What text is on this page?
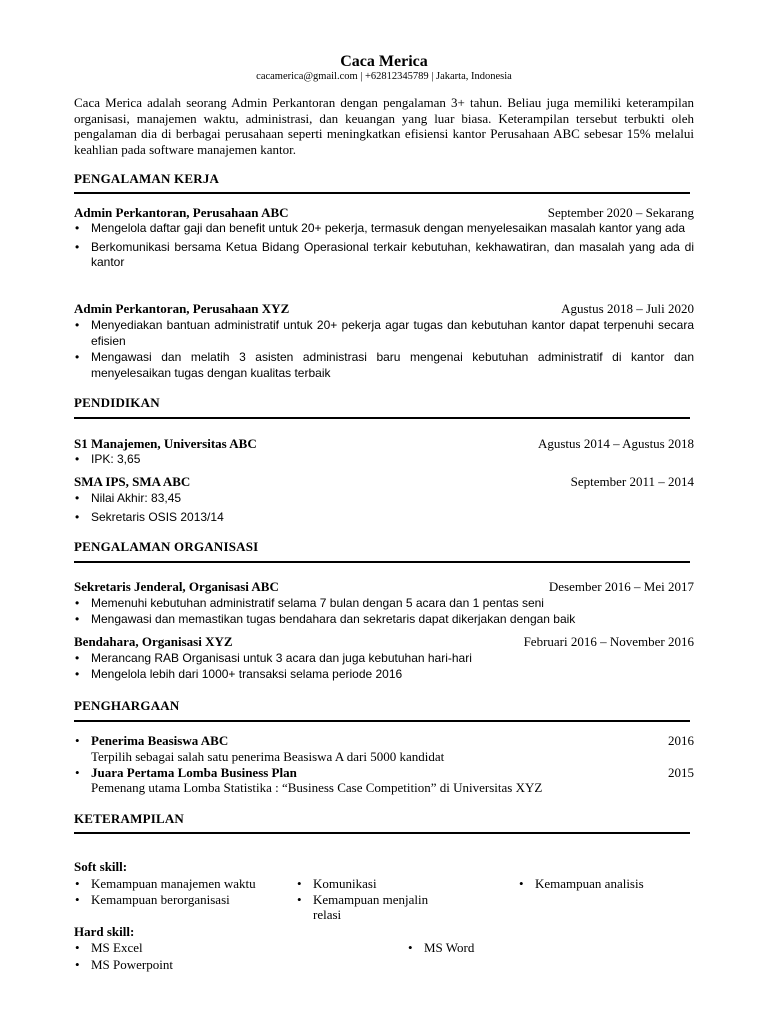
Caca Merica
cacamerica@gmail.com | +62812345789 | Jakarta, Indonesia
Caca Merica adalah seorang Admin Perkantoran dengan pengalaman 3+ tahun. Beliau juga memiliki keterampilan organisasi, manajemen waktu, administrasi, dan keuangan yang luar biasa. Keterampilan tersebut terbukti oleh pengalaman dia di berbagai perusahaan seperti meningkatkan efisiensi kantor Perusahaan ABC sebesar 15% melalui keahlian pada software manajemen kantor.
PENGALAMAN KERJA
Admin Perkantoran, Perusahaan ABC	September 2020 – Sekarang
• Mengelola daftar gaji dan benefit untuk 20+ pekerja, termasuk dengan menyelesaikan masalah kantor yang ada
• Berkomunikasi bersama Ketua Bidang Operasional terkair kebutuhan, kekhawatiran, dan masalah yang ada di kantor
Admin Perkantoran, Perusahaan XYZ	Agustus 2018 – Juli 2020
• Menyediakan bantuan administratif untuk 20+ pekerja agar tugas dan kebutuhan kantor dapat terpenuhi secara efisien
• Mengawasi dan melatih 3 asisten administrasi baru mengenai kebutuhan administratif di kantor dan menyelesaikan tugas dengan kualitas terbaik
PENDIDIKAN
S1 Manajemen, Universitas ABC	Agustus 2014 – Agustus 2018
• IPK: 3,65
SMA IPS, SMA ABC	September 2011 – 2014
• Nilai Akhir: 83,45
• Sekretaris OSIS 2013/14
PENGALAMAN ORGANISASI
Sekretaris Jenderal, Organisasi ABC	Desember 2016 – Mei 2017
• Memenuhi kebutuhan administratif selama 7 bulan dengan 5 acara dan 1 pentas seni
• Mengawasi dan memastikan tugas bendahara dan sekretaris dapat dikerjakan dengan baik
Bendahara, Organisasi XYZ	Februari 2016 – November 2016
• Merancang RAB Organisasi untuk 3 acara dan juga kebutuhan hari-hari
• Mengelola lebih dari 1000+ transaksi selama periode 2016
PENGHARGAAN
• Penerima Beasiswa ABC	2016
Terpilih sebagai salah satu penerima Beasiswa A dari 5000 kandidat
• Juara Pertama Lomba Business Plan	2015
Pemenang utama Lomba Statistika : “Business Case Competition” di Universitas XYZ
KETERAMPILAN
Soft skill:
• Kemampuan manajemen waktu
• Kemampuan berorganisasi
• Komunikasi
• Kemampuan menjalin relasi
• Kemampuan analisis
Hard skill:
• MS Excel
• MS Powerpoint
• MS Word
